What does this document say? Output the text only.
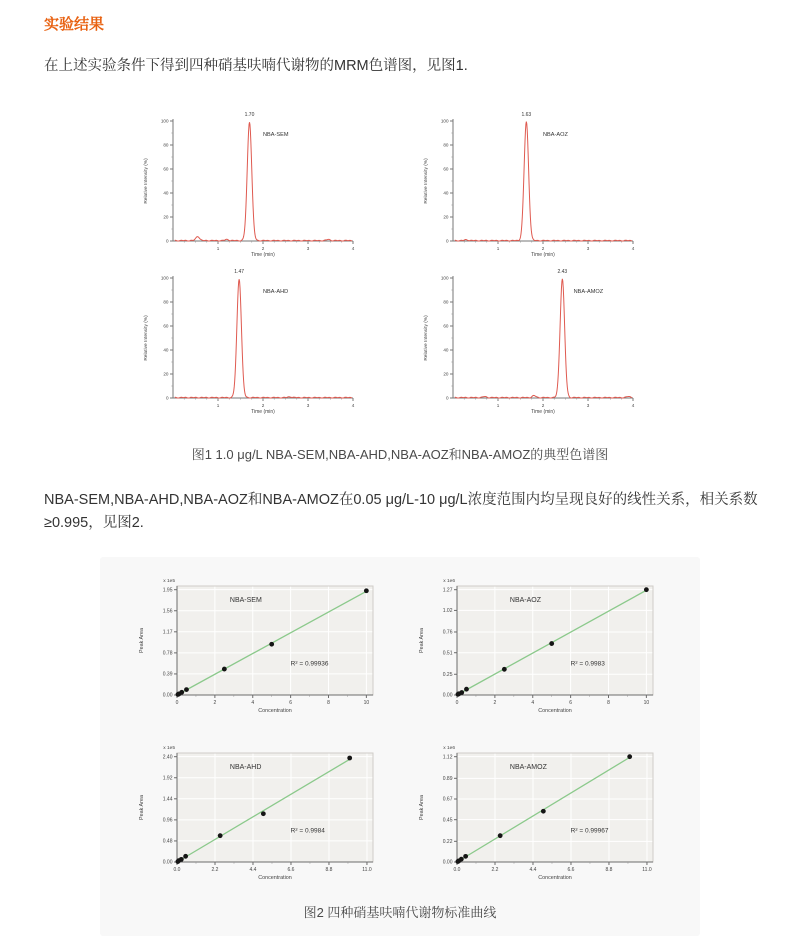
实验结果

在上述实验条件下得到四种硝基呋喃代谢物的MRM色谱图，见图1.

0
20
40
60
80
100
1	2	3	4
Time (min)
Relative Intensity (%)
1.70
NBA-SEM
0
20
40
60
80
100
1	2	3	4
Time (min)
Relative Intensity (%)
1.63
NBA-AOZ
0
20
40
60
80
100
1	2	3	4
Time (min)
Relative Intensity (%)
1.47
NBA-AHD
0
20
40
60
80
100
1	2	3	4
Time (min)
Relative Intensity (%)
2.43
NBA-AMOZ

图1 1.0 μg/L NBA-SEM,NBA-AHD,NBA-AOZ和NBA-AMOZ的典型色谱图

NBA-SEM,NBA-AHD,NBA-AOZ和NBA-AMOZ在0.05 μg/L-10 μg/L浓度范围内均呈现良好的线性关系，相关系数≥0.995，见图2.

1.95
1.56
1.17
0.78
0.39
0.00
0	2	4	6	8	10
x 1e5
Concentration
Peak Area
NBA-SEM
R² = 0.99936
1.27
1.02
0.76
0.51
0.25
0.00
0	2	4	6	8	10
x 1e6
Concentration
Peak Area
NBA-AOZ
R² = 0.9983
2.40
1.92
1.44
0.96
0.48
0.00
0.0	2.2	4.4	6.6	8.8	11.0
x 1e5
Concentration
Peak Area
NBA-AHD
R² = 0.9984
1.12
0.89
0.67
0.45
0.22
0.00
0.0	2.2	4.4	6.6	8.8	11.0
x 1e6
Concentration
Peak Area
NBA-AMOZ
R² = 0.99967

图2 四种硝基呋喃代谢物标准曲线
